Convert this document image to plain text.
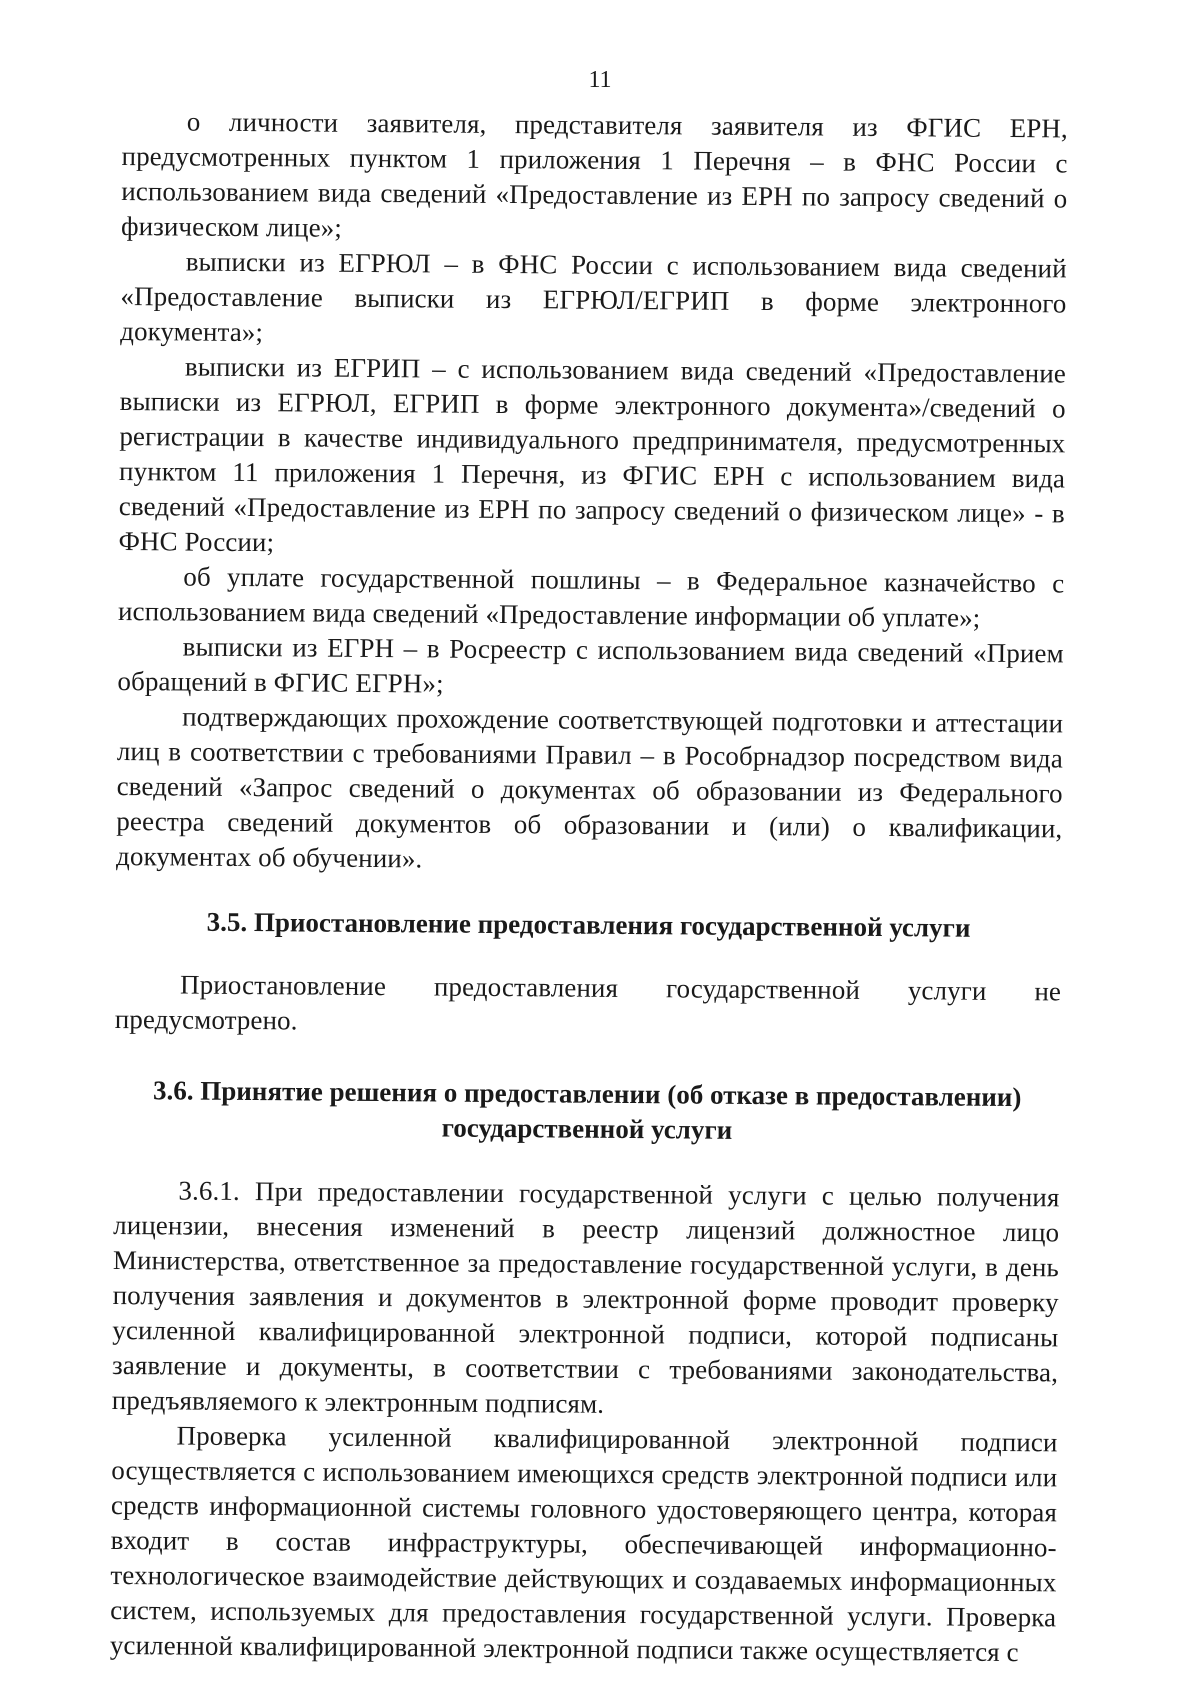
11

о личности заявителя, представителя заявителя из ФГИС ЕРН, предусмотренных пунктом 1 приложения 1 Перечня – в ФНС России с использованием вида сведений «Предоставление из ЕРН по запросу сведений о физическом лице»;

выписки из ЕГРЮЛ – в ФНС России с использованием вида сведений «Предоставление выписки из ЕГРЮЛ/ЕГРИП в форме электронного документа»;

выписки из ЕГРИП – с использованием вида сведений «Предоставление выписки из ЕГРЮЛ, ЕГРИП в форме электронного документа»/сведений о регистрации в качестве индивидуального предпринимателя, предусмотренных пунктом 11 приложения 1 Перечня, из ФГИС ЕРН с использованием вида сведений «Предоставление из ЕРН по запросу сведений о физическом лице» - в ФНС России;

об уплате государственной пошлины – в Федеральное казначейство с использованием вида сведений «Предоставление информации об уплате»;

выписки из ЕГРН – в Росреестр с использованием вида сведений «Прием обращений в ФГИС ЕГРН»;

подтверждающих прохождение соответствующей подготовки и аттестации лиц в соответствии с требованиями Правил – в Рособрнадзор посредством вида сведений «Запрос сведений о документах об образовании из Федерального реестра сведений документов об образовании и (или) о квалификации, документах об обучении».

3.5. Приостановление предоставления государственной услуги

Приостановление предоставления государственной услуги не предусмотрено.

3.6. Принятие решения о предоставлении (об отказе в предоставлении)
государственной услуги

3.6.1. При предоставлении государственной услуги с целью получения лицензии, внесения изменений в реестр лицензий должностное лицо Министерства, ответственное за предоставление государственной услуги, в день получения заявления и документов в электронной форме проводит проверку усиленной квалифицированной электронной подписи, которой подписаны заявление и документы, в соответствии с требованиями законодательства, предъявляемого к электронным подписям.

Проверка усиленной квалифицированной электронной подписи осуществляется с использованием имеющихся средств электронной подписи или средств информационной системы головного удостоверяющего центра, которая входит в состав инфраструктуры, обеспечивающей информационно-технологическое взаимодействие действующих и создаваемых информационных систем, используемых для предоставления государственной услуги. Проверка усиленной квалифицированной электронной подписи также осуществляется с
